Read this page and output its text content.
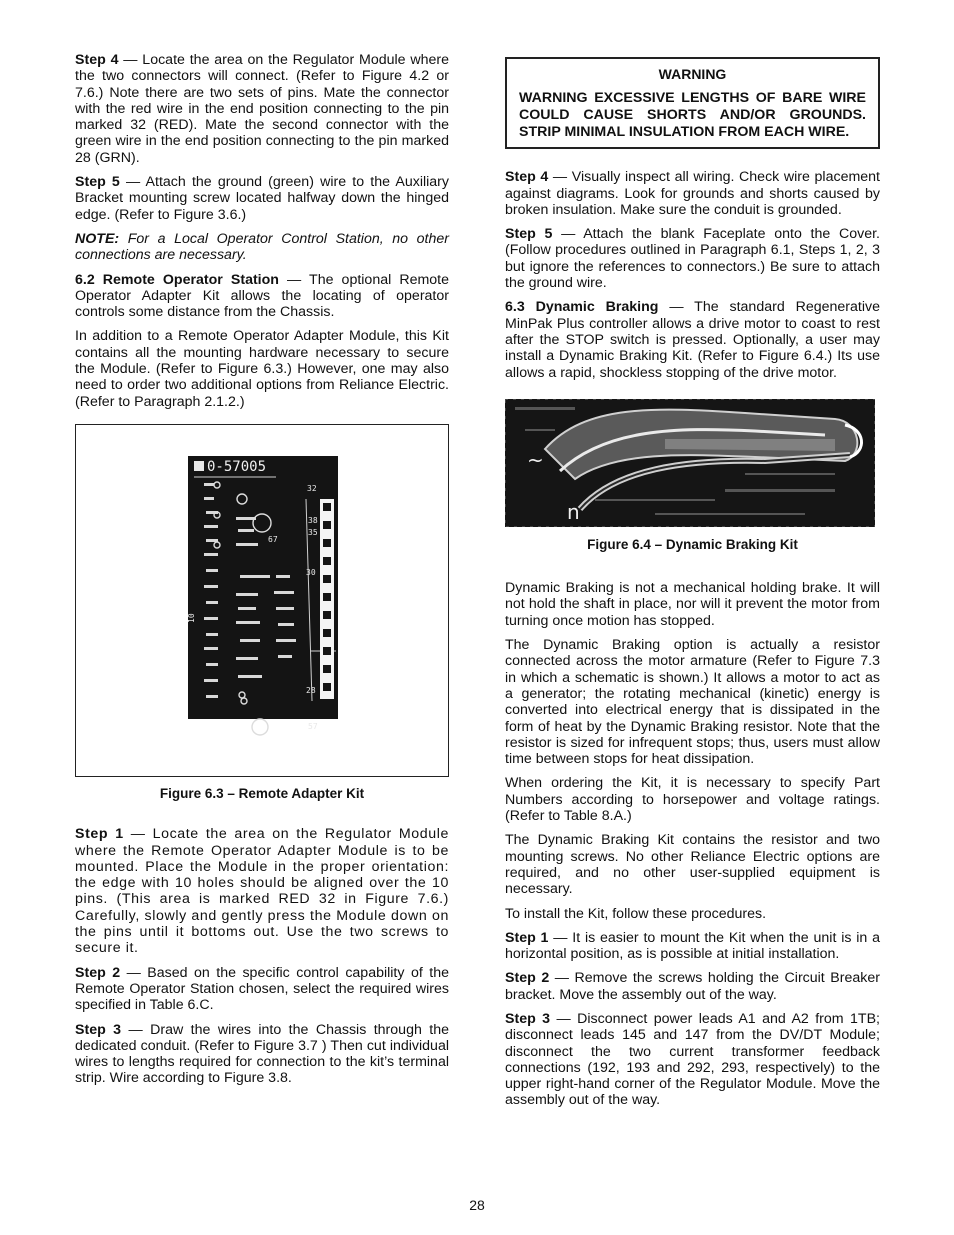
Step 4 — Locate the area on the Regulator Module where the two connectors will connect. (Refer to Figure 4.2 or 7.6.) Note there are two sets of pins. Mate the connector with the red wire in the end position connecting to the pin marked 32 (RED). Mate the second connector with the green wire in the end position connecting to the pin marked 28 (GRN).

Step 5 — Attach the ground (green) wire to the Auxiliary Bracket mounting screw located halfway down the hinged edge. (Refer to Figure 3.6.)

NOTE: For a Local Operator Control Station, no other connections are necessary.

6.2 Remote Operator Station — The optional Remote Operator Adapter Kit allows the locating of operator controls some distance from the Chassis.

In addition to a Remote Operator Adapter Module, this Kit contains all the mounting hardware necessary to secure the Module. (Refer to Figure 6.3.) However, one may also need to order two additional options from Reliance Electric. (Refer to Paragraph 2.1.2.)

0-57005
32
38
35
67
30
28
57
10

Figure 6.3 – Remote Adapter Kit

Step 1 — Locate the area on the Regulator Module where the Remote Operator Adapter Module is to be mounted. Place the Module in the proper orientation: the edge with 10 holes should be aligned over the 10 pins. (This area is marked RED 32 in Figure 7.6.) Carefully, slowly and gently press the Module down on the pins until it bottoms out. Use the two screws to secure it.

Step 2 — Based on the specific control capability of the Remote Operator Station chosen, select the required wires specified in Table 6.C.

Step 3 — Draw the wires into the Chassis through the dedicated conduit. (Refer to Figure 3.7 ) Then cut individual wires to lengths required for connection to the kit’s terminal strip. Wire according to Figure 3.8.

WARNING
WARNING EXCESSIVE LENGTHS OF BARE WIRE COULD CAUSE SHORTS AND/OR GROUNDS. STRIP MINIMAL INSULATION FROM EACH WIRE.

Step 4 — Visually inspect all wiring. Check wire placement against diagrams. Look for grounds and shorts caused by broken insulation. Make sure the conduit is grounded.

Step 5 — Attach the blank Faceplate onto the Cover. (Follow procedures outlined in Paragraph 6.1, Steps 1, 2, 3 but ignore the references to connectors.) Be sure to attach the ground wire.

6.3 Dynamic Braking — The standard Regenerative MinPak Plus controller allows a drive motor to coast to rest after the STOP switch is pressed. Optionally, a user may install a Dynamic Braking Kit. (Refer to Figure 6.4.) Its use allows a rapid, shockless stopping of the drive motor.

~
n

Figure 6.4 – Dynamic Braking Kit

Dynamic Braking is not a mechanical holding brake. It will not hold the shaft in place, nor will it prevent the motor from turning once motion has stopped.

The Dynamic Braking option is actually a resistor connected across the motor armature (Refer to Figure 7.3 in which a schematic is shown.) It allows a motor to act as a generator; the rotating mechanical (kinetic) energy is converted into electrical energy that is dissipated in the form of heat by the Dynamic Braking resistor. Note that the resistor is sized for infrequent stops; thus, users must allow time between stops for heat dissipation.

When ordering the Kit, it is necessary to specify Part Numbers according to horsepower and voltage ratings. (Refer to Table 8.A.)

The Dynamic Braking Kit contains the resistor and two mounting screws. No other Reliance Electric options are required, and no other user-supplied equipment is necessary.

To install the Kit, follow these procedures.

Step 1 — It is easier to mount the Kit when the unit is in a horizontal position, as is possible at initial installation.

Step 2 — Remove the screws holding the Circuit Breaker bracket. Move the assembly out of the way.

Step 3 — Disconnect power leads A1 and A2 from 1TB; disconnect leads 145 and 147 from the DV/DT Module; disconnect the two current transformer feedback connections (192, 193 and 292, 293, respectively) to the upper right-hand corner of the Regulator Module. Move the assembly out of the way.

28
